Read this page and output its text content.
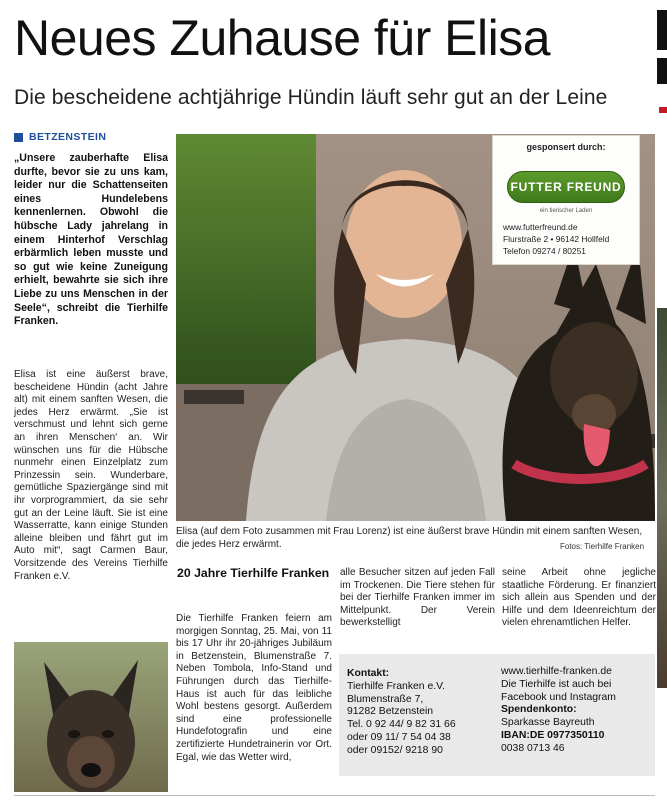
Neues Zuhause für Elisa
Die bescheidene achtjährige Hündin läuft sehr gut an der Leine
BETZENSTEIN
„Unsere zauberhafte Elisa durfte, bevor sie zu uns kam, leider nur die Schattenseiten eines Hundelebens kennenlernen. Obwohl die hübsche Lady jahrelang in einem Hinterhof Verschlag erbärmlich leben musste und so gut wie keine Zuneigung erhielt, bewahrte sie sich ihre Liebe zu uns Menschen in der Seele“, schreibt die Tierhilfe Franken.
Elisa ist eine äußerst brave, bescheidene Hündin (acht Jahre alt) mit einem sanften Wesen, die jedes Herz erwärmt. „Sie ist verschmust und lehnt sich gerne an ihren Menschen‘ an. Wir wünschen uns für die Hübsche nunmehr einen Einzelplatz zum Prinzessin sein. Wunderbare, gemütliche Spaziergänge sind mit ihr vorprogrammiert, da sie sehr gut an der Leine läuft. Sie ist eine Wasserratte, kann einige Stunden alleine bleiben und fährt gut im Auto mit“, sagt Carmen Baur, Vorsitzende des Vereins Tierhilfe Franken e.V.
gesponsert durch:
FUTTER FREUND
ein tierischer Laden
www.futterfreund.de
Flurstraße 2 • 96142 Hollfeld
Telefon 09274 / 80251
Elisa (auf dem Foto zusammen mit Frau Lorenz) ist eine äußerst brave Hündin mit einem sanften Wesen, die jedes Herz erwärmt.	Fotos: Tierhilfe Franken
20 Jahre Tierhilfe Franken
Die Tierhilfe Franken feiern am morgigen Sonntag, 25. Mai, von 11 bis 17 Uhr ihr 20-jähriges Jubiläum in Betzenstein, Blumenstraße 7. Neben Tombola, Info-Stand und Führungen durch das Tierhilfe-Haus ist auch für das leibliche Wohl bestens gesorgt. Außerdem sind eine professionelle Hundefotografin und eine zertifizierte Hundetrainerin vor Ort. Egal, wie das Wetter wird,
alle Besucher sitzen auf jeden Fall im Trockenen. Die Tiere stehen für bei der Tierhilfe Franken immer im Mittelpunkt. Der Verein bewerkstelligt
seine Arbeit ohne jegliche staatliche Förderung. Er finanziert sich allein aus Spenden und der Hilfe und dem Ideenreichtum der vielen ehrenamtlichen Helfer.
Kontakt:
Tierhilfe Franken e.V.
Blumenstraße 7,
91282 Betzenstein
Tel. 0 92 44/ 9 82 31 66
oder 09 11/ 7 54 04 38
oder 09152/ 9218 90
www.tierhilfe-franken.de
Die Tierhilfe ist auch bei
Facebook und Instagram
Spendenkonto:
Sparkasse Bayreuth
IBAN:DE 0977350110
0038 0713 46
